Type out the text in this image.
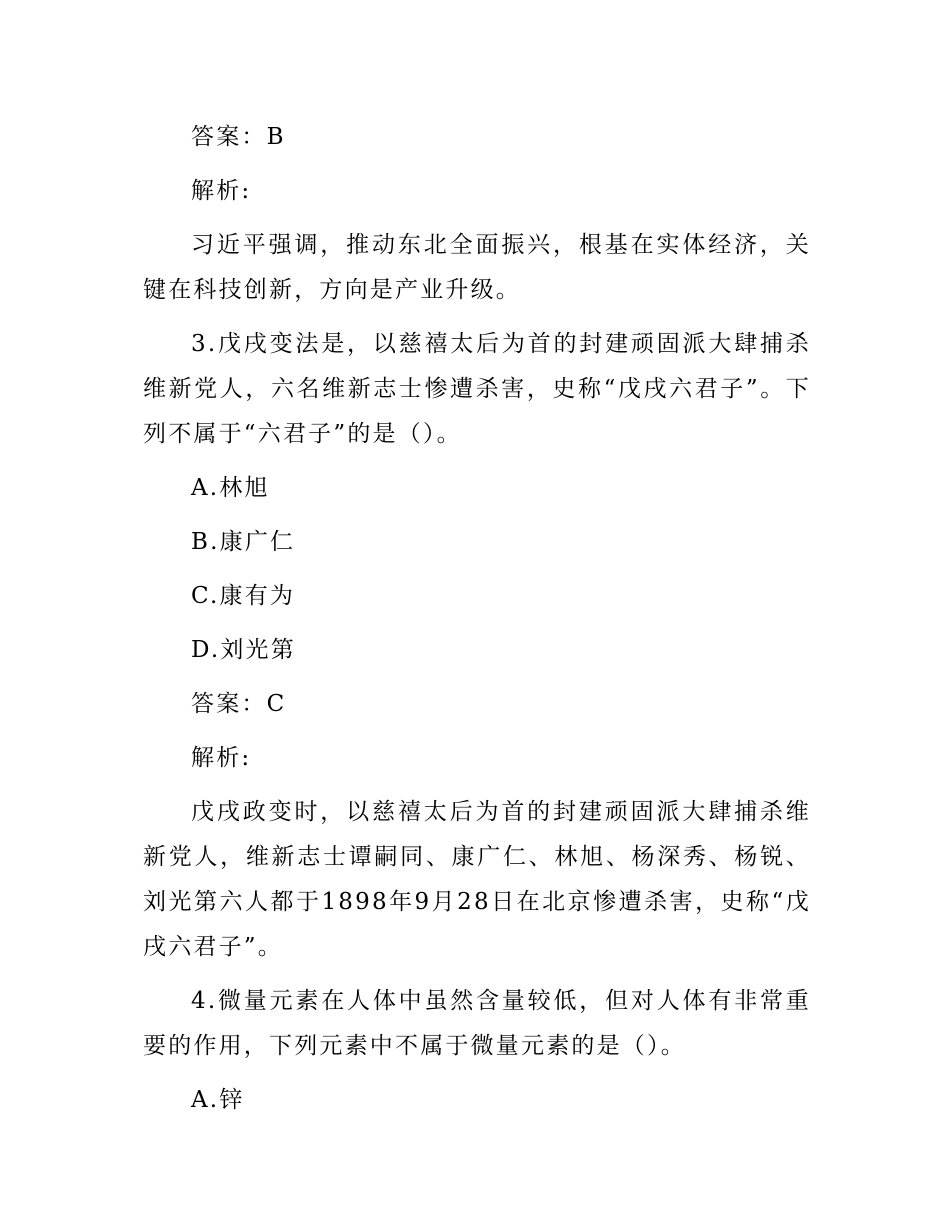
答案：B

解析:

习近平强调，推动东北全面振兴，根基在实体经济，关键在科技创新，方向是产业升级。

3.戊戌变法是，以慈禧太后为首的封建顽固派大肆捕杀维新党人，六名维新志士惨遭杀害，史称“戊戌六君子”。下列不属于“六君子”的是（）。

A.林旭

B.康广仁

C.康有为

D.刘光第

答案：C

解析:

戊戌政变时，以慈禧太后为首的封建顽固派大肆捕杀维新党人，维新志士谭嗣同、康广仁、林旭、杨深秀、杨锐、刘光第六人都于1898年9月28日在北京惨遭杀害，史称“戊戌六君子”。

4.微量元素在人体中虽然含量较低，但对人体有非常重要的作用，下列元素中不属于微量元素的是（）。

A.锌
